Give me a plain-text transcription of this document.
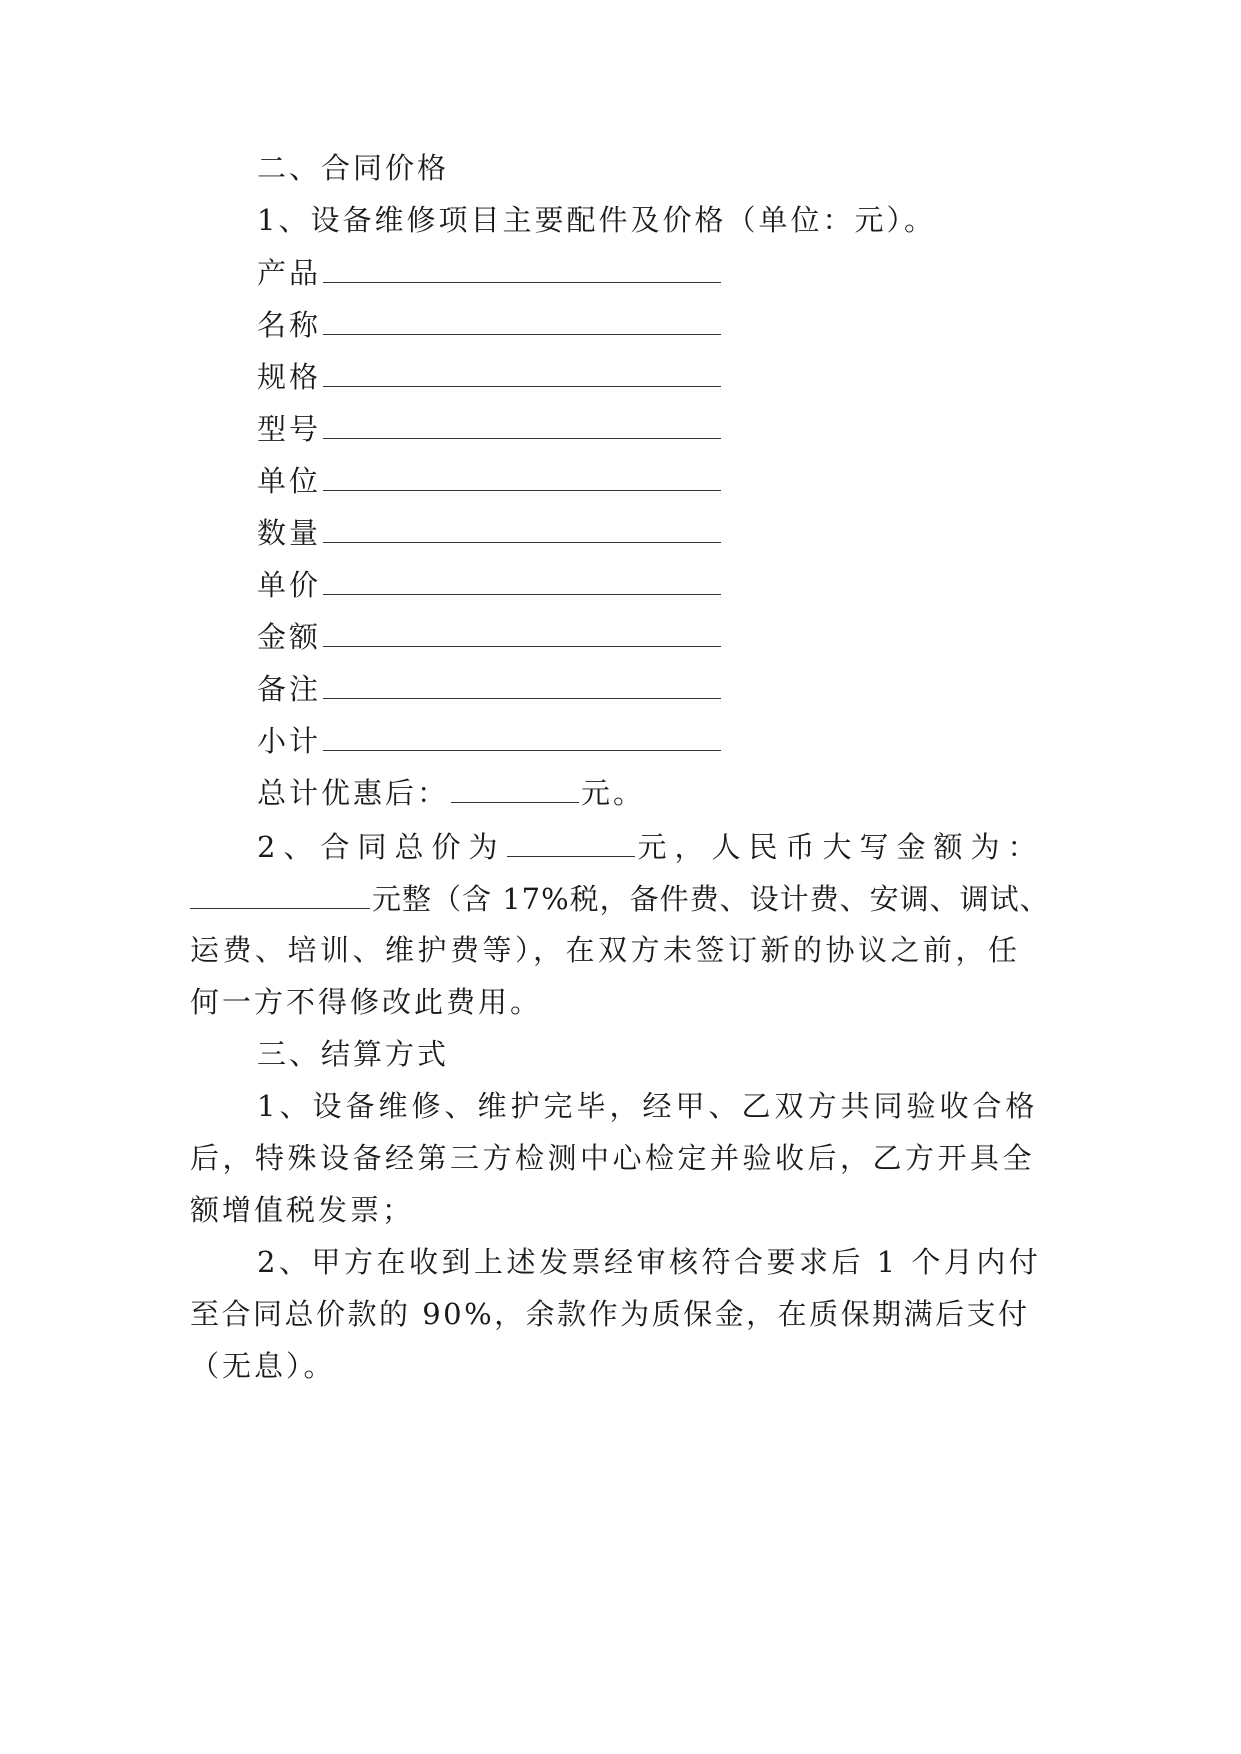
二、合同价格
1、设备维修项目主要配件及价格（单位：元）。
产品
名称
规格
型号
单位
数量
单价
金额
备注
小计
总计优惠后：	元。
2、合同总价为	元，人民币大写金额为：
元整（含 17%税，备件费、设计费、安调、调试、
运费、培训、维护费等），在双方未签订新的协议之前，任
何一方不得修改此费用。
三、结算方式
1、设备维修、维护完毕，经甲、乙双方共同验收合格
后，特殊设备经第三方检测中心检定并验收后，乙方开具全
额增值税发票；
2、甲方在收到上述发票经审核符合要求后 1 个月内付
至合同总价款的 90%，余款作为质保金，在质保期满后支付
（无息）。
